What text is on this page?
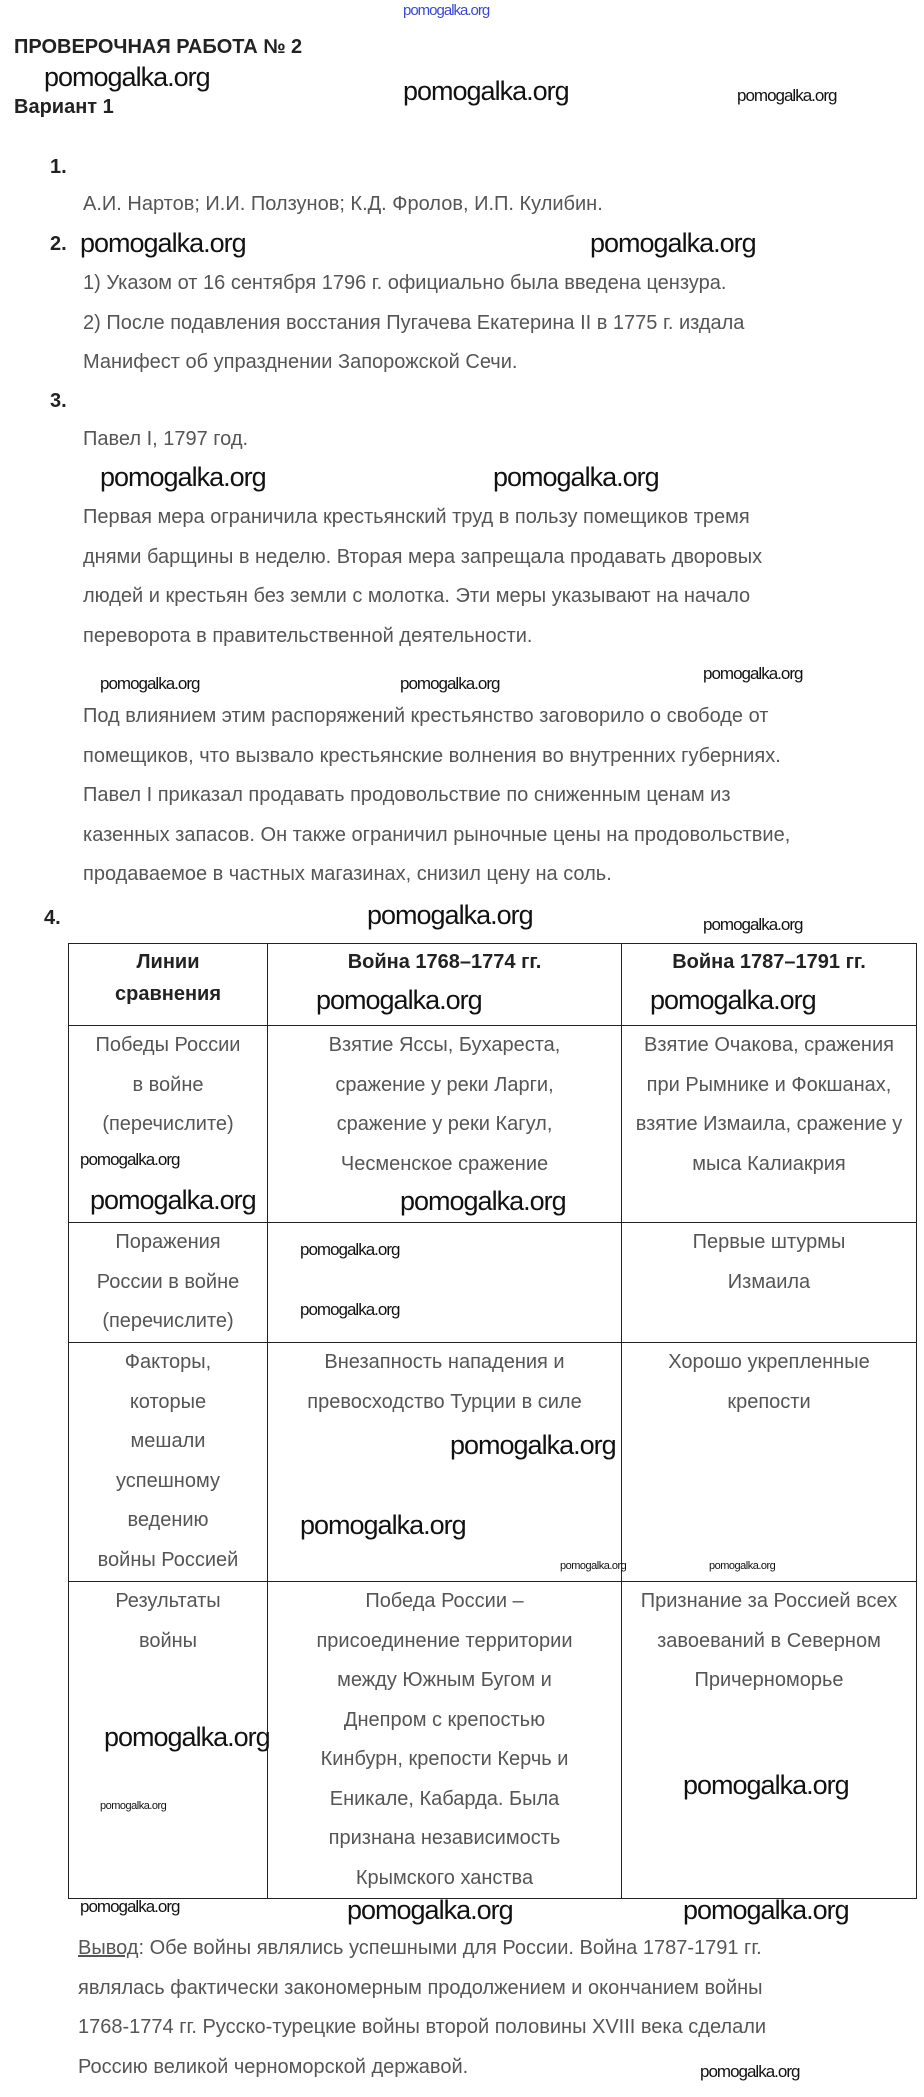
ПРОВЕРОЧНАЯ РАБОТА № 2
Вариант 1
1.
А.И. Нартов; И.И. Ползунов; К.Д. Фролов, И.П. Кулибин.
2.
1) Указом от 16 сентября 1796 г. официально была введена цензура.
2) После подавления восстания Пугачева Екатерина II в 1775 г. издала
Манифест об упразднении Запорожской Сечи.
3.
Павел I, 1797 год.
Первая мера ограничила крестьянский труд в пользу помещиков тремя
днями барщины в неделю. Вторая мера запрещала продавать дворовых
людей и крестьян без земли с молотка. Эти меры указывают на начало
переворота в правительственной деятельности.
Под влиянием этим распоряжений крестьянство заговорило о свободе от
помещиков, что вызвало крестьянские волнения во внутренних губерниях.
Павел I приказал продавать продовольствие по сниженным ценам из
казенных запасов. Он также ограничил рыночные цены на продовольствие,
продаваемое в частных магазинах, снизил цену на соль.
4.
Линии сравнения	Война 1768–1774 гг.	Война 1787–1791 гг.

Победы России в войне (перечислите)	Взятие Яссы, Бухареста, сражение у реки Ларги, сражение у реки Кагул, Чесменское сражение	Взятие Очакова, сражения при Рымнике и Фокшанах, взятие Измаила, сражение у мыса Калиакрия

Поражения России в войне (перечислите)		Первые штурмы Измаила

Факторы, которые мешали успешному ведению войны Россией	Внезапность нападения и превосходство Турции в силе	Хорошо укрепленные крепости

Результаты войны	Победа России – присоединение территории между Южным Бугом и Днепром с крепостью Кинбурн, крепости Керчь и Еникале, Кабарда. Была признана независимость Крымского ханства	Признание за Россией всех завоеваний в Северном Причерноморье
Вывод: Обе войны являлись успешными для России. Война 1787-1791 гг.
являлась фактически закономерным продолжением и окончанием войны
1768-1774 гг. Русско-турецкие войны второй половины XVIII века сделали
Россию великой черноморской державой.
pomogalka.org
pomogalka.org	pomogalka.org	pomogalka.org
pomogalka.org	pomogalka.org
pomogalka.org	pomogalka.org
pomogalka.org
pomogalka.org
pomogalka.org	pomogalka.org
pomogalka.org
pomogalka.org
pomogalka.org
pomogalka.org
pomogalka.org
pomogalka.org
pomogalka.org
pomogalka.org
pomogalka.org
pomogalka.org
pomogalka.org	pomogalka.org
pomogalka.org
pomogalka.org
pomogalka.org
pomogalka.org	pomogalka.org	pomogalka.org
pomogalka.org
